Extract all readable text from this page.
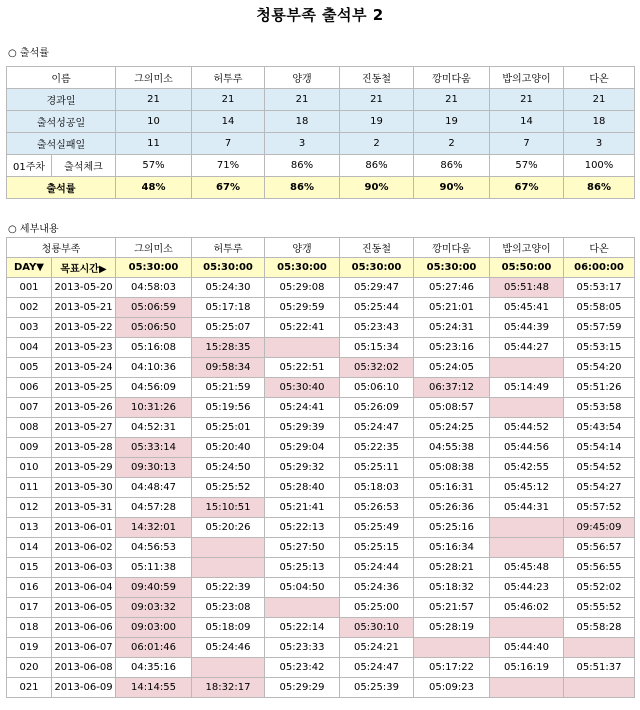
청룡부족 출석부 2
○ 출석률
이름		그의미소	허투루	양갱	진동철	깡미다움	밥의고양이	다온
경과일		21	21	21	21	21	21	21
출석성공일		10	14	18	19	19	14	18
출석실패일		11	7	3	2	2	7	3
01주차	출석체크	57%	71%	86%	86%	86%	57%	100%
출석률		48%	67%	86%	90%	90%	67%	86%
○ 세부내용
청룡부족		그의미소	허투루	양갱	진동철	깡미다움	밥의고양이	다온
DAY▼	목표시간▶	05:30:00	05:30:00	05:30:00	05:30:00	05:30:00	05:50:00	06:00:00
001	2013-05-20	04:58:03	05:24:30	05:29:08	05:29:47	05:27:46	05:51:48	05:53:17
002	2013-05-21	05:06:59	05:17:18	05:29:59	05:25:44	05:21:01	05:45:41	05:58:05
003	2013-05-22	05:06:50	05:25:07	05:22:41	05:23:43	05:24:31	05:44:39	05:57:59
004	2013-05-23	05:16:08	15:28:35		05:15:34	05:23:16	05:44:27	05:53:15
005	2013-05-24	04:10:36	09:58:34	05:22:51	05:32:02	05:24:05		05:54:20
006	2013-05-25	04:56:09	05:21:59	05:30:40	05:06:10	06:37:12	05:14:49	05:51:26
007	2013-05-26	10:31:26	05:19:56	05:24:41	05:26:09	05:08:57		05:53:58
008	2013-05-27	04:52:31	05:25:01	05:29:39	05:24:47	05:24:25	05:44:52	05:43:54
009	2013-05-28	05:33:14	05:20:40	05:29:04	05:22:35	04:55:38	05:44:56	05:54:14
010	2013-05-29	09:30:13	05:24:50	05:29:32	05:25:11	05:08:38	05:42:55	05:54:52
011	2013-05-30	04:48:47	05:25:52	05:28:40	05:18:03	05:16:31	05:45:12	05:54:27
012	2013-05-31	04:57:28	15:10:51	05:21:41	05:26:53	05:26:36	05:44:31	05:57:52
013	2013-06-01	14:32:01	05:20:26	05:22:13	05:25:49	05:25:16		09:45:09
014	2013-06-02	04:56:53		05:27:50	05:25:15	05:16:34		05:56:57
015	2013-06-03	05:11:38		05:25:13	05:24:44	05:28:21	05:45:48	05:56:55
016	2013-06-04	09:40:59	05:22:39	05:04:50	05:24:36	05:18:32	05:44:23	05:52:02
017	2013-06-05	09:03:32	05:23:08		05:25:00	05:21:57	05:46:02	05:55:52
018	2013-06-06	09:03:00	05:18:09	05:22:14	05:30:10	05:28:19		05:58:28
019	2013-06-07	06:01:46	05:24:46	05:23:33	05:24:21		05:44:40	
020	2013-06-08	04:35:16		05:23:42	05:24:47	05:17:22	05:16:19	05:51:37
021	2013-06-09	14:14:55	18:32:17	05:29:29	05:25:39	05:09:23		
